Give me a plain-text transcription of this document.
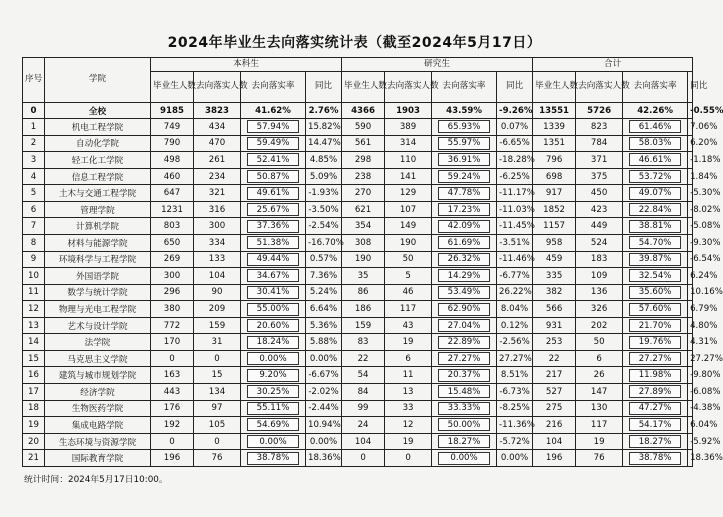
2024年毕业生去向落实统计表（截至2024年5月17日）
序号	学院	本科生				研究生				合计			
		毕业生人数	去向落实人数	去向落实率	同比	毕业生人数	去向落实人数	去向落实率	同比	毕业生人数	去向落实人数	去向落实率	同比
0	全校	9185	3823	41.62%	2.76%	4366	1903	43.59%	-9.26%	13551	5726	42.26%	-0.55%
1	机电工程学院	749	434	57.94%	15.82%	590	389	65.93%	0.07%	1339	823	61.46%	7.06%
2	自动化学院	790	470	59.49%	14.47%	561	314	55.97%	-6.65%	1351	784	58.03%	6.20%
3	轻工化工学院	498	261	52.41%	4.85%	298	110	36.91%	-18.28%	796	371	46.61%	-1.18%
4	信息工程学院	460	234	50.87%	5.09%	238	141	59.24%	-6.25%	698	375	53.72%	1.84%
5	土木与交通工程学院	647	321	49.61%	-1.93%	270	129	47.78%	-11.17%	917	450	49.07%	-5.30%
6	管理学院	1231	316	25.67%	-3.50%	621	107	17.23%	-11.03%	1852	423	22.84%	-8.02%
7	计算机学院	803	300	37.36%	-2.54%	354	149	42.09%	-11.45%	1157	449	38.81%	-5.08%
8	材料与能源学院	650	334	51.38%	-16.70%	308	190	61.69%	-3.51%	958	524	54.70%	-9.30%
9	环境科学与工程学院	269	133	49.44%	0.57%	190	50	26.32%	-11.46%	459	183	39.87%	-6.54%
10	外国语学院	300	104	34.67%	7.36%	35	5	14.29%	-6.77%	335	109	32.54%	6.24%
11	数学与统计学院	296	90	30.41%	5.24%	86	46	53.49%	26.22%	382	136	35.60%	10.16%
12	物理与光电工程学院	380	209	55.00%	6.64%	186	117	62.90%	8.04%	566	326	57.60%	6.79%
13	艺术与设计学院	772	159	20.60%	5.36%	159	43	27.04%	0.12%	931	202	21.70%	4.80%
14	法学院	170	31	18.24%	5.88%	83	19	22.89%	-2.56%	253	50	19.76%	4.31%
15	马克思主义学院	0	0	0.00%	0.00%	22	6	27.27%	27.27%	22	6	27.27%	27.27%
16	建筑与城市规划学院	163	15	9.20%	-6.67%	54	11	20.37%	8.51%	217	26	11.98%	-9.80%
17	经济学院	443	134	30.25%	-2.02%	84	13	15.48%	-6.73%	527	147	27.89%	-6.08%
18	生物医药学院	176	97	55.11%	-2.44%	99	33	33.33%	-8.25%	275	130	47.27%	-4.38%
19	集成电路学院	192	105	54.69%	10.94%	24	12	50.00%	-11.36%	216	117	54.17%	6.04%
20	生态环境与资源学院	0	0	0.00%	0.00%	104	19	18.27%	-5.72%	104	19	18.27%	-5.92%
21	国际教育学院	196	76	38.78%	18.36%	0	0	0.00%	0.00%	196	76	38.78%	18.36%
统计时间：2024年5月17日10:00。
